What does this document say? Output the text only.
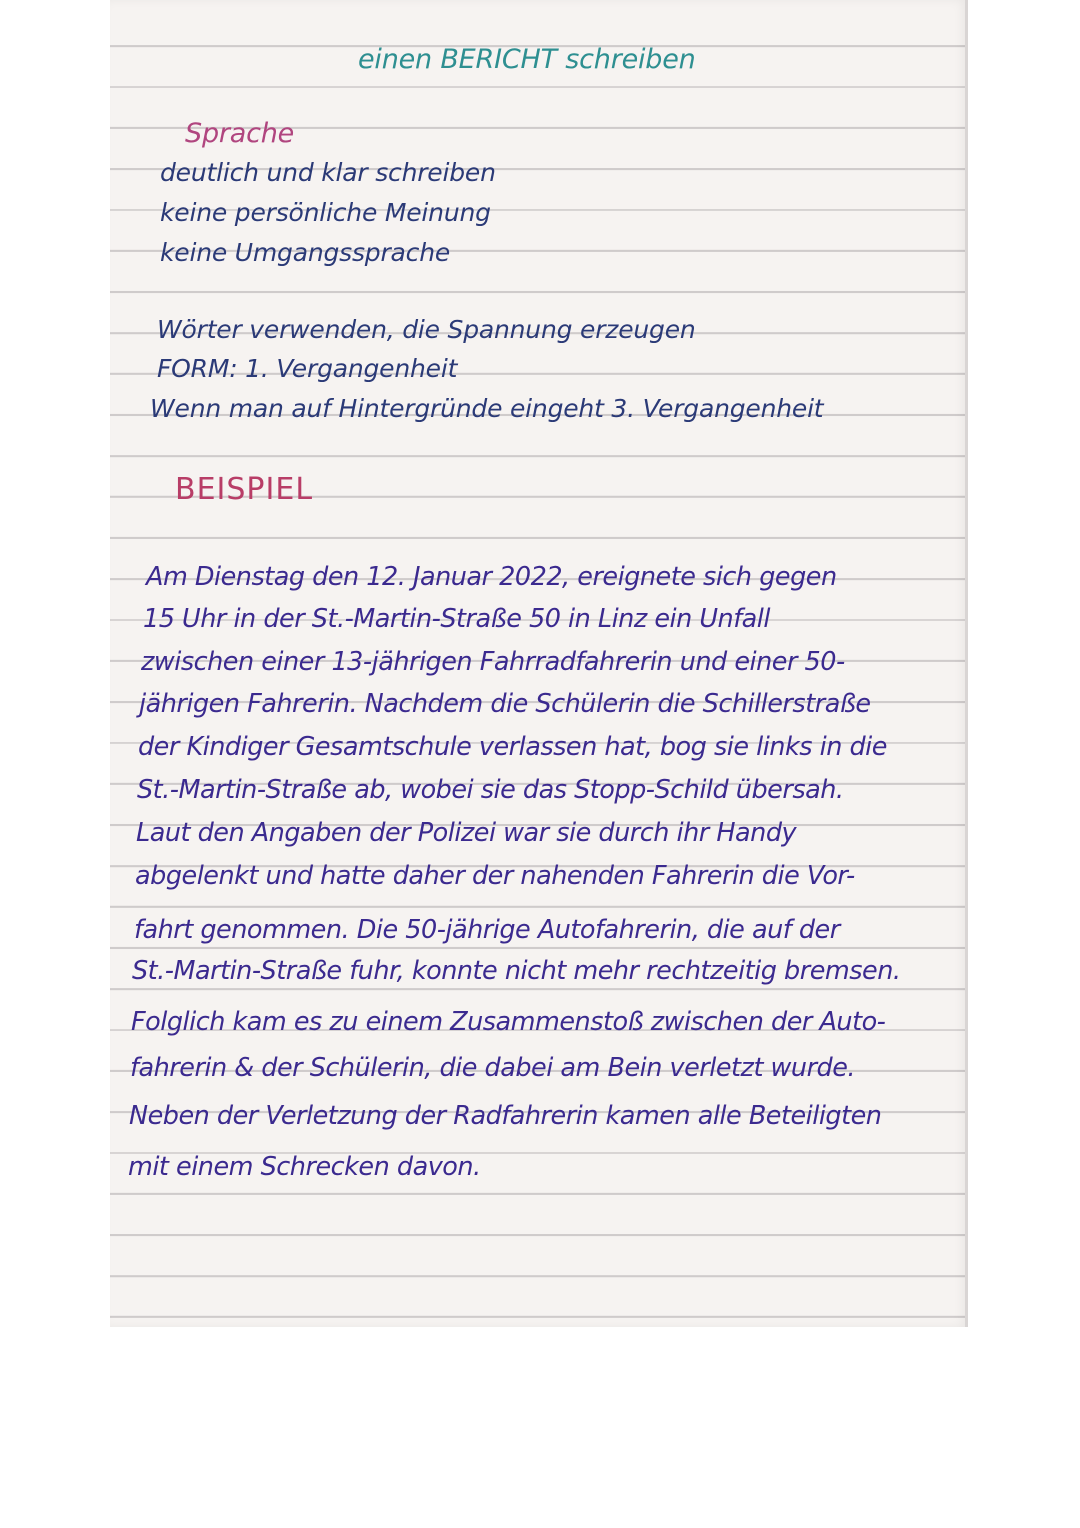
einen BERICHT schreiben
Sprache
deutlich und klar schreiben
keine persönliche Meinung
keine Umgangssprache
Wörter verwenden, die Spannung erzeugen
FORM: 1. Vergangenheit
Wenn man auf Hintergründe eingeht 3. Vergangenheit
BEISPIEL
Am Dienstag den 12. Januar 2022, ereignete sich gegen
15 Uhr in der St.-Martin-Straße 50 in Linz ein Unfall
zwischen einer 13-jährigen Fahrradfahrerin und einer 50-
jährigen Fahrerin. Nachdem die Schülerin die Schillerstraße
der Kindiger Gesamtschule verlassen hat, bog sie links in die
St.-Martin-Straße ab, wobei sie das Stopp-Schild übersah.
Laut den Angaben der Polizei war sie durch ihr Handy
abgelenkt und hatte daher der nahenden Fahrerin die Vor-
fahrt genommen. Die 50-jährige Autofahrerin, die auf der
St.-Martin-Straße fuhr, konnte nicht mehr rechtzeitig bremsen.
Folglich kam es zu einem Zusammenstoß zwischen der Auto-
fahrerin & der Schülerin, die dabei am Bein verletzt wurde.
Neben der Verletzung der Radfahrerin kamen alle Beteiligten
mit einem Schrecken davon.
